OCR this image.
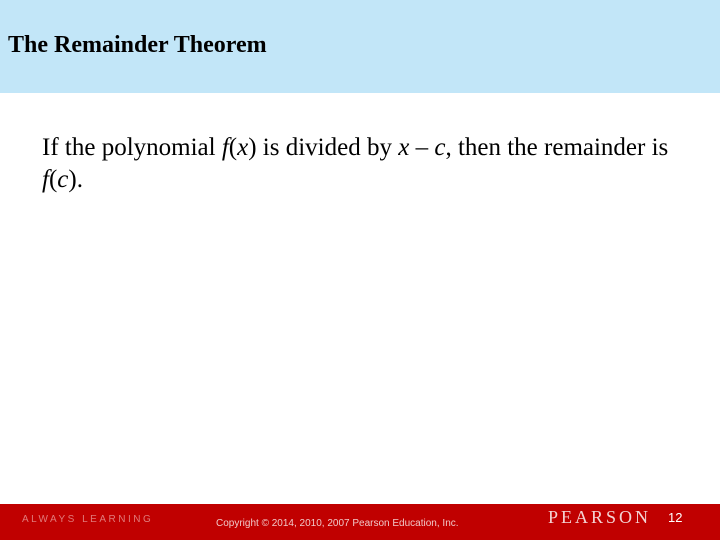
The Remainder Theorem
If the polynomial f(x) is divided by x – c, then the remainder is f(c).
ALWAYS LEARNING	Copyright © 2014, 2010, 2007 Pearson Education, Inc.	PEARSON 12
